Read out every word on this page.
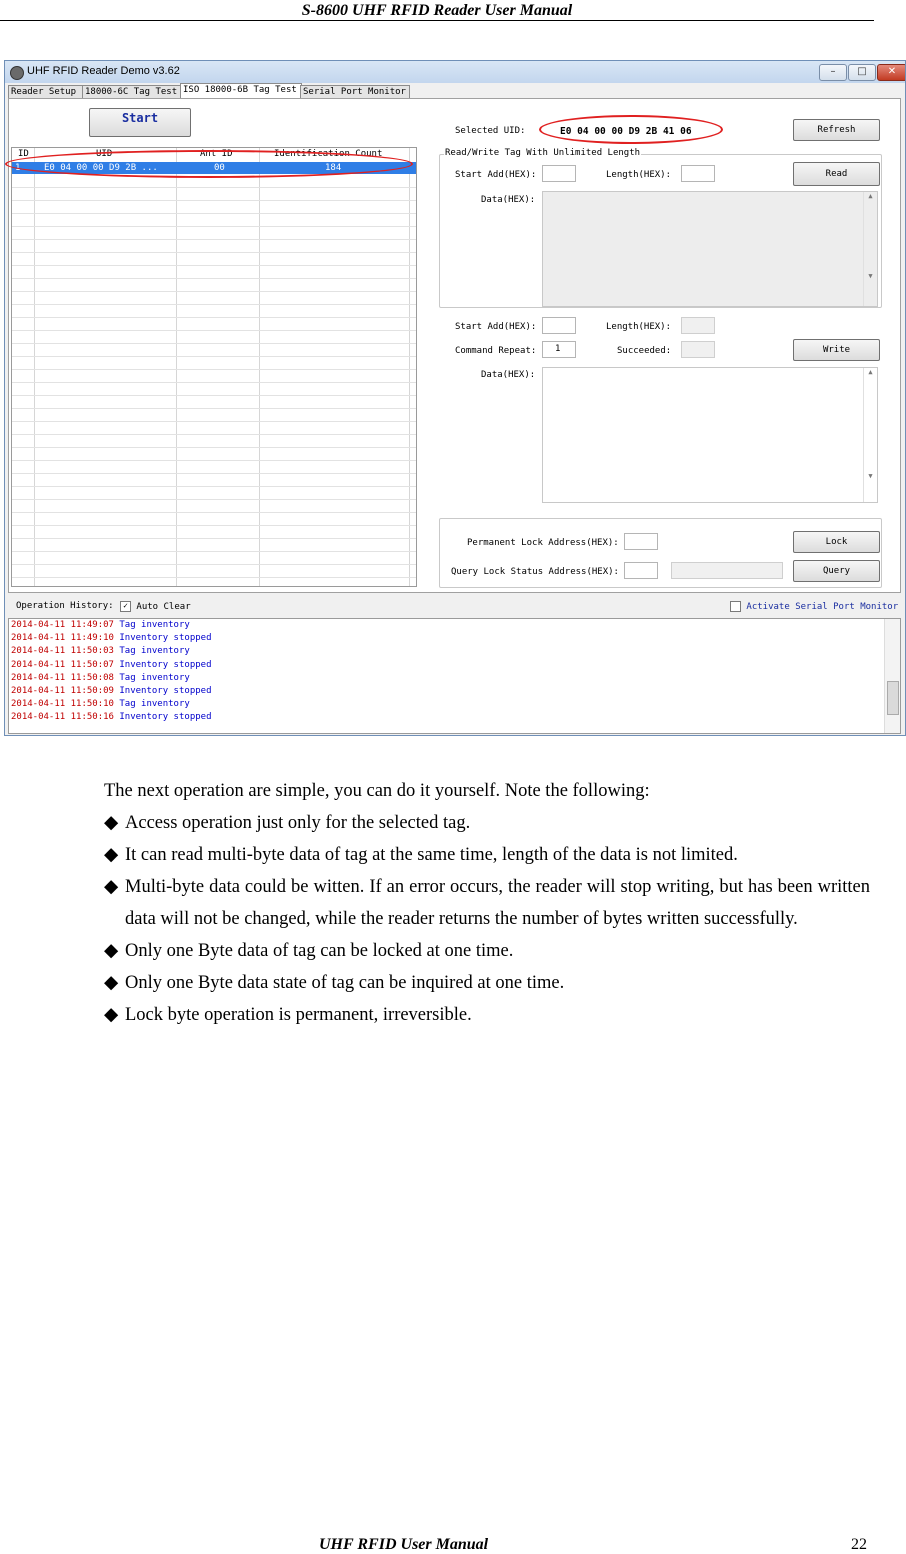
S-8600 UHF RFID Reader User Manual
UHF RFID Reader Demo v3.62	–	□	✕
Reader Setup 18000-6C Tag Test ISO 18000-6B Tag Test Serial Port Monitor
Start
ID	UID	Ant ID	Identification Count
1	E0 04 00 00 D9 2B ...	00	184
Selected UID:	E0 04 00 00 D9 2B 41 06	Refresh
Read/Write Tag With Unlimited Length
Start Add(HEX):	Length(HEX):	Read
Data(HEX):	▲

▼
Start Add(HEX):	Length(HEX):
Command Repeat:	1	Succeeded:	Write
Data(HEX):	▲

▼
Permanent Lock Address(HEX):	Lock
Query Lock Status Address(HEX):	Query
Operation History:	✓ Auto Clear	Activate Serial Port Monitor
2014-04-11 11:49:07 Tag inventory
2014-04-11 11:49:10 Inventory stopped
2014-04-11 11:50:03 Tag inventory
2014-04-11 11:50:07 Inventory stopped
2014-04-11 11:50:08 Tag inventory
2014-04-11 11:50:09 Inventory stopped
2014-04-11 11:50:10 Tag inventory
2014-04-11 11:50:16 Inventory stopped

The next operation are simple, you can do it yourself. Note the following:

◆ Access operation just only for the selected tag.

◆ It can read multi-byte data of tag at the same time, length of the data is not limited.

◆ Multi-byte data could be witten. If an error occurs, the reader will stop writing, but has been written data will not be changed, while the reader returns the number of bytes written successfully.

◆ Only one Byte data of tag can be locked at one time.

◆ Only one Byte data state of tag can be inquired at one time.

◆ Lock byte operation is permanent, irreversible.

UHF RFID User Manual	22
